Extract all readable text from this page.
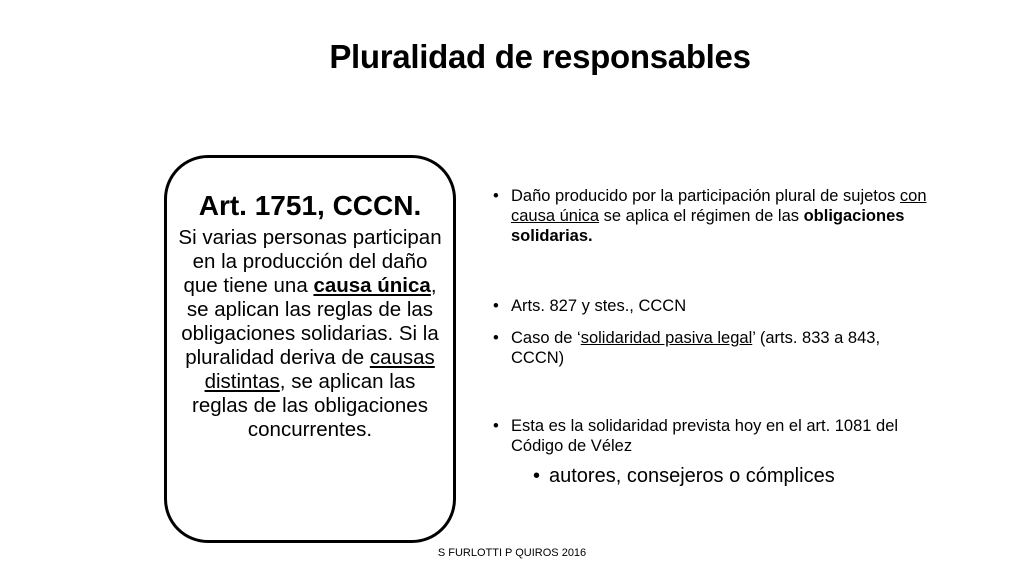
Pluralidad de responsables
Art. 1751, CCCN.
Si varias personas participan en la producción del daño que tiene una causa única, se aplican las reglas de las obligaciones solidarias. Si la pluralidad deriva de causas distintas, se aplican las reglas de las obligaciones concurrentes.
• Daño producido por la participación plural de sujetos con causa única se aplica el régimen de las obligaciones solidarias.
• Arts. 827 y stes., CCCN
• Caso de ‘solidaridad pasiva legal’ (arts. 833 a 843, CCCN)
• Esta es la solidaridad prevista hoy en el art. 1081 del Código de Vélez
• autores, consejeros o cómplices
S FURLOTTI P QUIROS 2016
